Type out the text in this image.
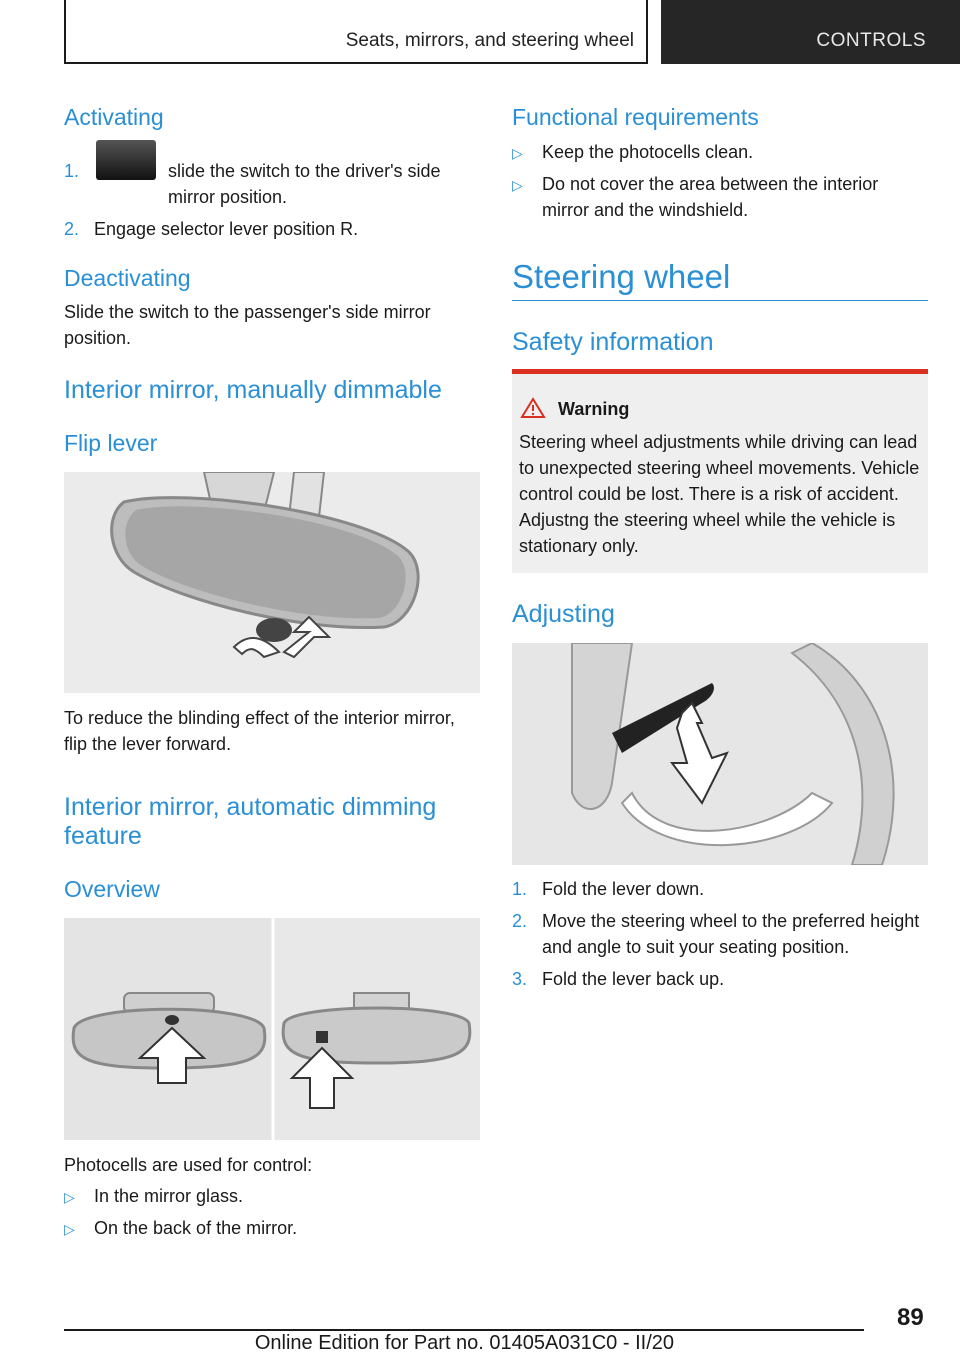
Seats, mirrors, and steering wheel	CONTROLS
Activating
1.	slide the switch to the driver's side mirror position.
2. Engage selector lever position R.
Deactivating

Slide the switch to the passenger's side mirror position.

Interior mirror, manually dimmable
Flip lever

To reduce the blinding effect of the interior mirror, flip the lever forward.

Interior mirror, automatic dimming feature
Overview

Photocells are used for control:

▷ In the mirror glass.
▷ On the back of the mirror.
Functional requirements
▷ Keep the photocells clean.
▷ Do not cover the area between the interior mirror and the windshield.
Steering wheel
Safety information
Warning

Steering wheel adjustments while driving can lead to unexpected steering wheel movements. Vehicle control could be lost. There is a risk of accident. Adjustng the steering wheel while the vehicle is stationary only.

Adjusting
1. Fold the lever down.
2. Move the steering wheel to the preferred height and angle to suit your seating position.
3. Fold the lever back up.
89
Online Edition for Part no. 01405A031C0 - II/20
